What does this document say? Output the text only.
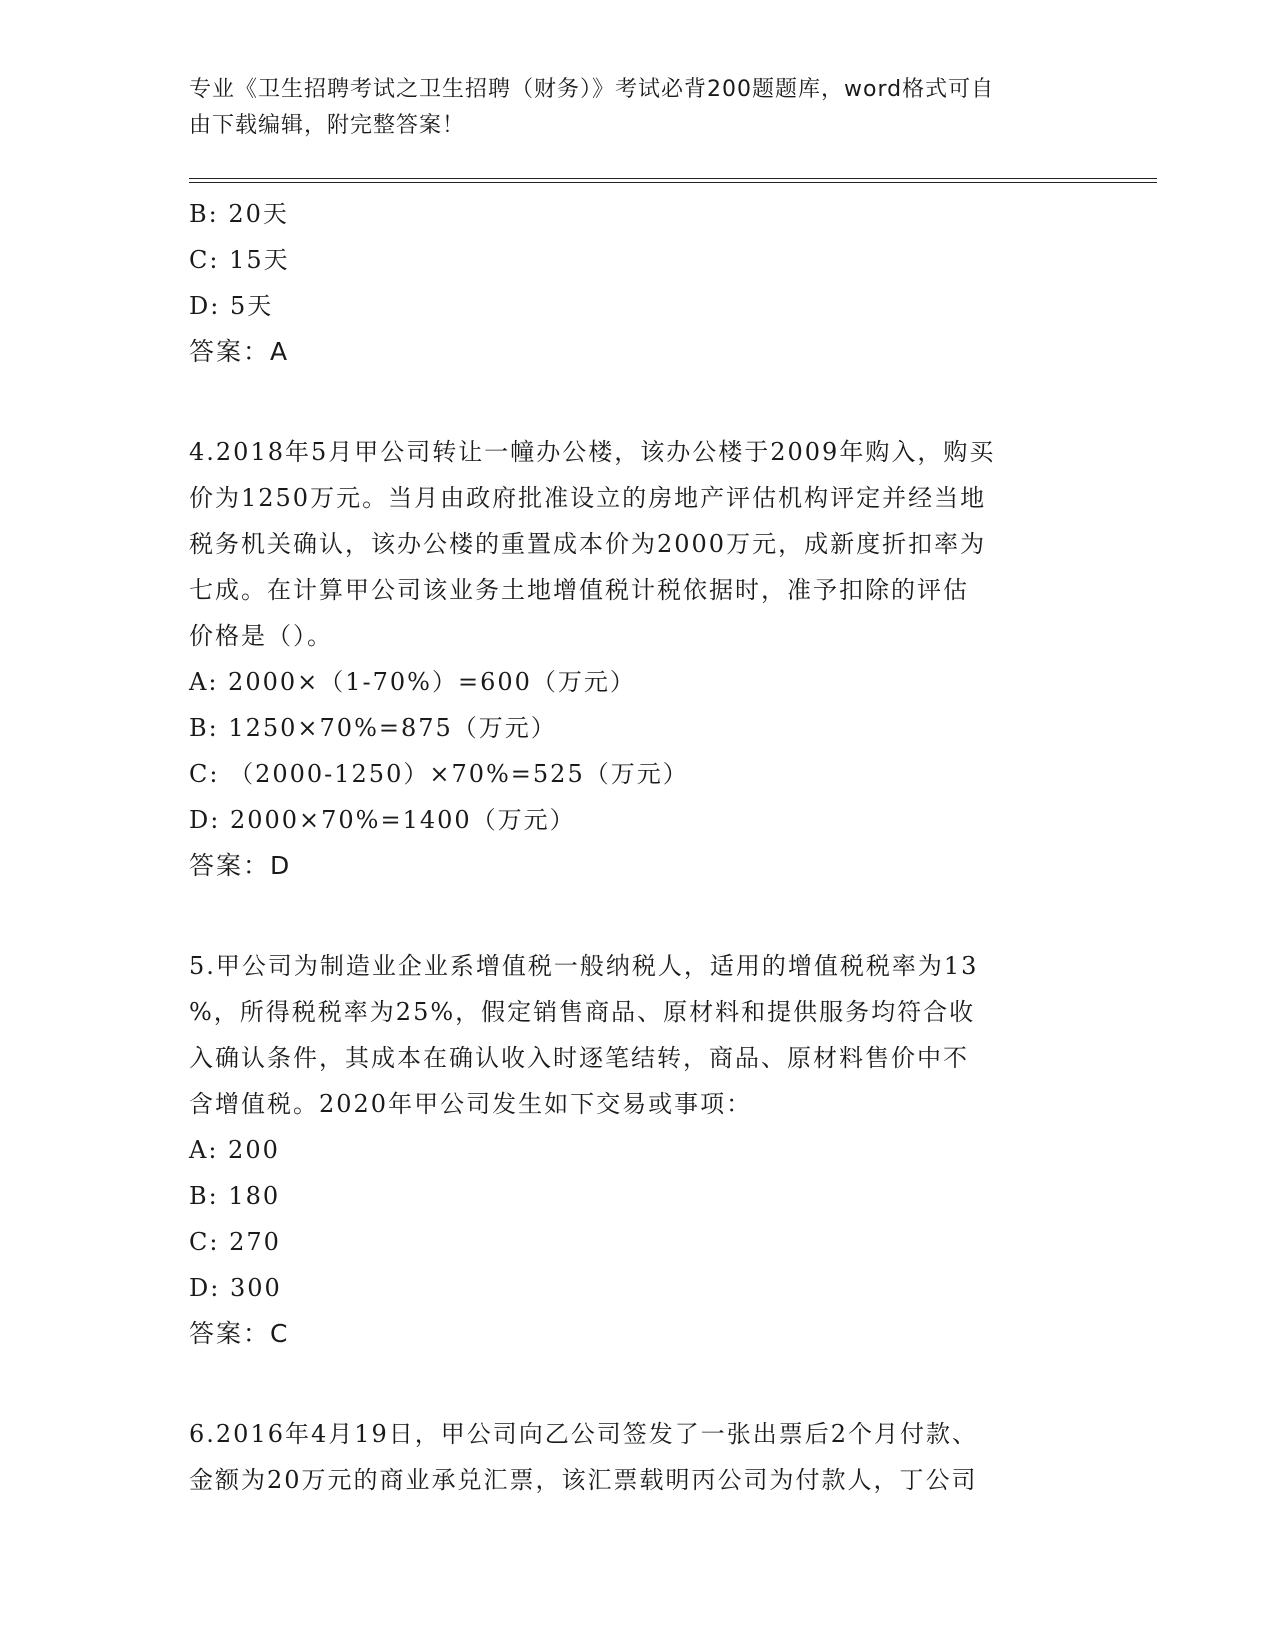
专业《卫生招聘考试之卫生招聘（财务）》考试必背200题题库，word格式可自
由下载编辑，附完整答案！
B: 20天
C: 15天
D: 5天
答案：A
4.2018年5月甲公司转让一幢办公楼，该办公楼于2009年购入，购买
价为1250万元。当月由政府批准设立的房地产评估机构评定并经当地
税务机关确认，该办公楼的重置成本价为2000万元，成新度折扣率为
七成。在计算甲公司该业务土地增值税计税依据时，准予扣除的评估
价格是（）。
A: 2000×（1-70%）=600（万元）
B: 1250×70%=875（万元）
C: （2000-1250）×70%=525（万元）
D: 2000×70%=1400（万元）
答案：D
5.甲公司为制造业企业系增值税一般纳税人，适用的增值税税率为13
%，所得税税率为25%，假定销售商品、原材料和提供服务均符合收
入确认条件，其成本在确认收入时逐笔结转，商品、原材料售价中不
含增值税。2020年甲公司发生如下交易或事项：
A: 200
B: 180
C: 270
D: 300
答案：C
6.2016年4月19日，甲公司向乙公司签发了一张出票后2个月付款、
金额为20万元的商业承兑汇票，该汇票载明丙公司为付款人，丁公司
